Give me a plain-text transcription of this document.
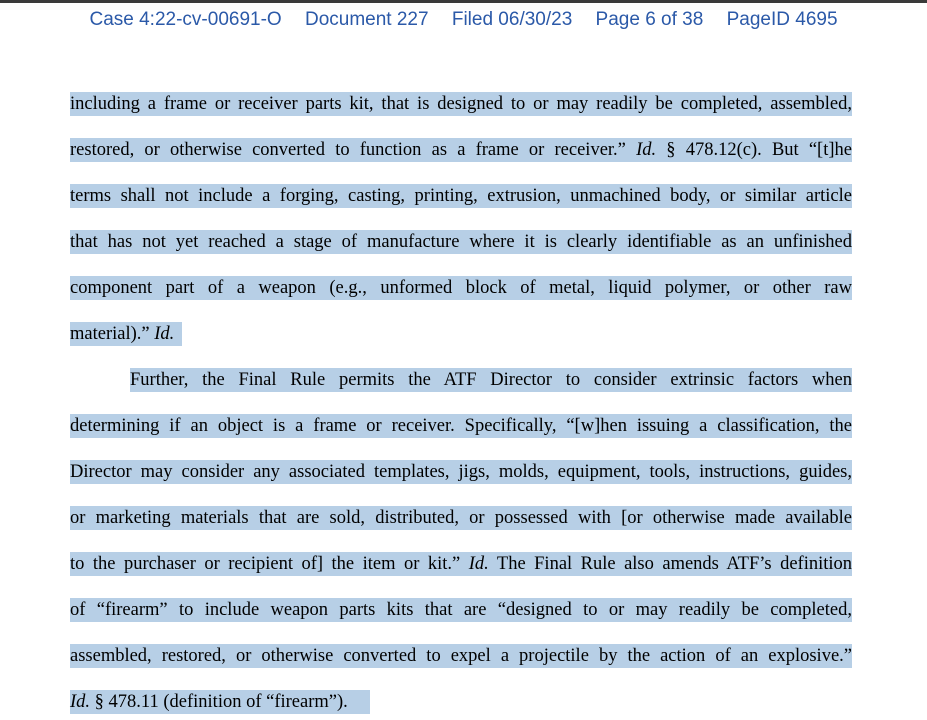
Case 4:22-cv-00691-O Document 227 Filed 06/30/23 Page 6 of 38 PageID 4695
including a frame or receiver parts kit, that is designed to or may readily be completed, assembled,
restored, or otherwise converted to function as a frame or receiver.” Id. § 478.12(c). But “[t]he
terms shall not include a forging, casting, printing, extrusion, unmachined body, or similar article
that has not yet reached a stage of manufacture where it is clearly identifiable as an unfinished
component part of a weapon (e.g., unformed block of metal, liquid polymer, or other raw
material).” Id.
Further, the Final Rule permits the ATF Director to consider extrinsic factors when
determining if an object is a frame or receiver. Specifically, “[w]hen issuing a classification, the
Director may consider any associated templates, jigs, molds, equipment, tools, instructions, guides,
or marketing materials that are sold, distributed, or possessed with [or otherwise made available
to the purchaser or recipient of] the item or kit.” Id. The Final Rule also amends ATF’s definition
of “firearm” to include weapon parts kits that are “designed to or may readily be completed,
assembled, restored, or otherwise converted to expel a projectile by the action of an explosive.”
Id. § 478.11 (definition of “firearm”).
